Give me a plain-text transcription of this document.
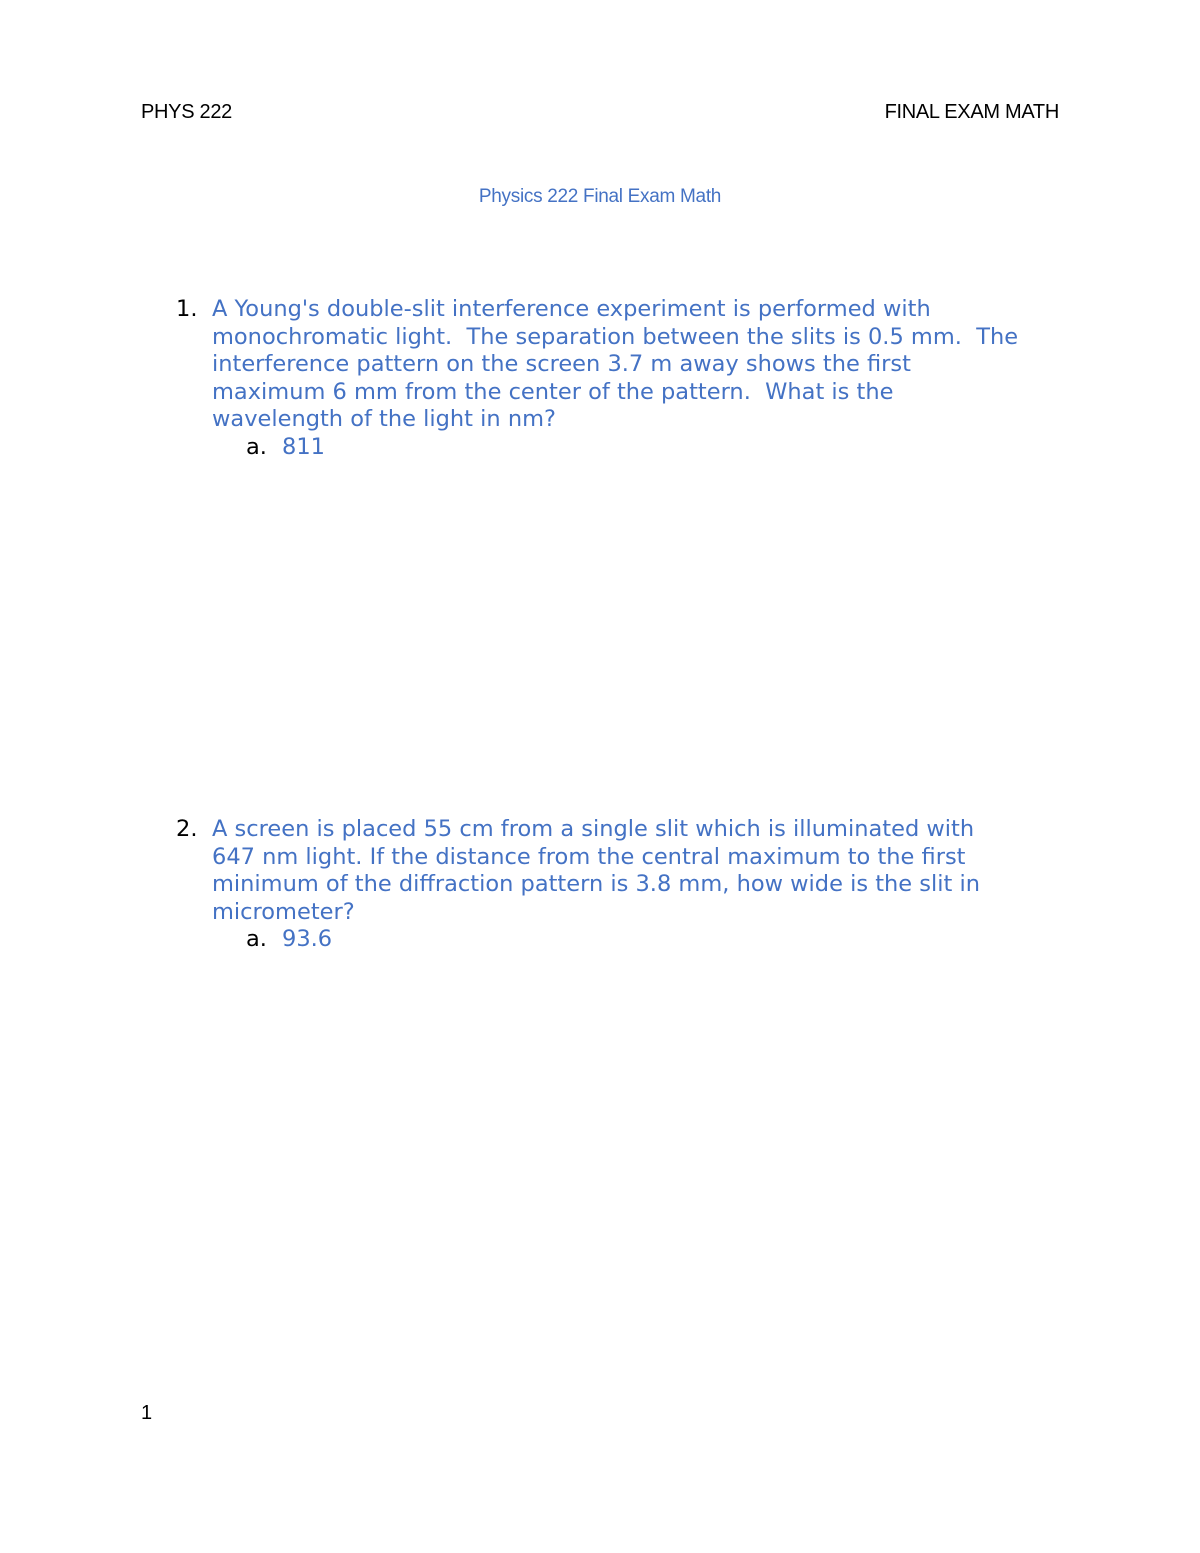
PHYS 222	FINAL EXAM MATH
Physics 222 Final Exam Math
1. A Young's double-slit interference experiment is performed with
monochromatic light.  The separation between the slits is 0.5 mm.  The
interference pattern on the screen 3.7 m away shows the first
maximum 6 mm from the center of the pattern.  What is the
wavelength of the light in nm?
a. 811
2. A screen is placed 55 cm from a single slit which is illuminated with
647 nm light. If the distance from the central maximum to the first
minimum of the diffraction pattern is 3.8 mm, how wide is the slit in
micrometer?
a. 93.6
1
